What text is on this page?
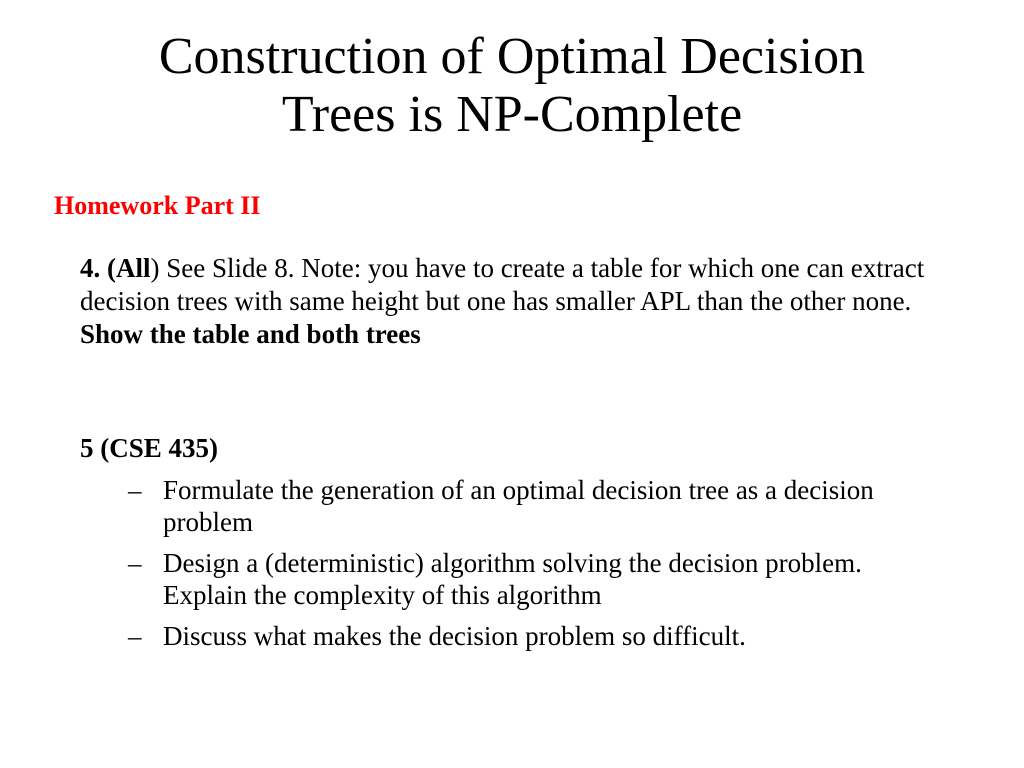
Construction of Optimal Decision
Trees is NP-Complete

Homework Part II

4. (All) See Slide 8. Note: you have to create a table for which one can extract decision trees with same height but one has smaller APL than the other none. Show the table and both trees

5 (CSE 435)

– Formulate the generation of an optimal decision tree as a decision problem
– Design a (deterministic) algorithm solving the decision problem. Explain the complexity of this algorithm
– Discuss what makes the decision problem so difficult.
